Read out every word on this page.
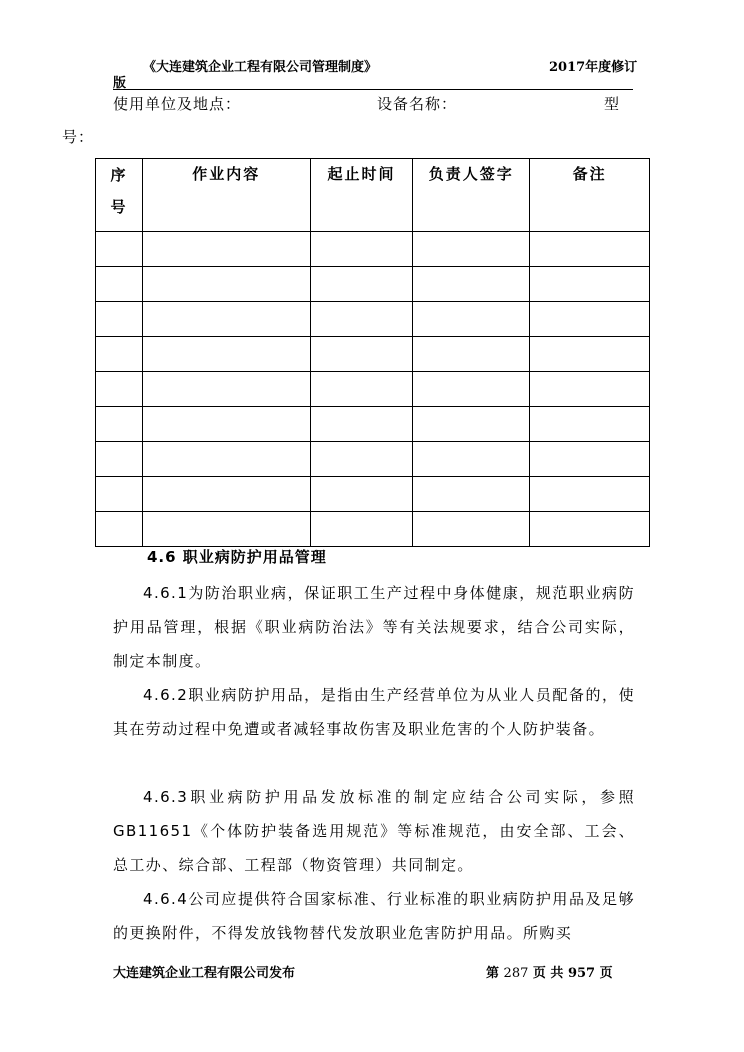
《大连建筑企业工程有限公司管理制度》	2017年度修订
版
使用单位及地点：	设备名称：	型
号：
序
号	作业内容	起止时间	负责人签字	备注

4.6 职业病防护用品管理
4.6.1为防治职业病，保证职工生产过程中身体健康，规范职业病防护用品管理，根据《职业病防治法》等有关法规要求，结合公司实际，制定本制度。
4.6.2职业病防护用品，是指由生产经营单位为从业人员配备的，使其在劳动过程中免遭或者减轻事故伤害及职业危害的个人防护装备。
4.6.3职业病防护用品发放标准的制定应结合公司实际，参照GB11651《个体防护装备选用规范》等标准规范，由安全部、工会、总工办、综合部、工程部（物资管理）共同制定。
4.6.4公司应提供符合国家标准、行业标准的职业病防护用品及足够的更换附件，不得发放钱物替代发放职业危害防护用品。所购买
大连建筑企业工程有限公司发布	第 287 页 共 957 页
